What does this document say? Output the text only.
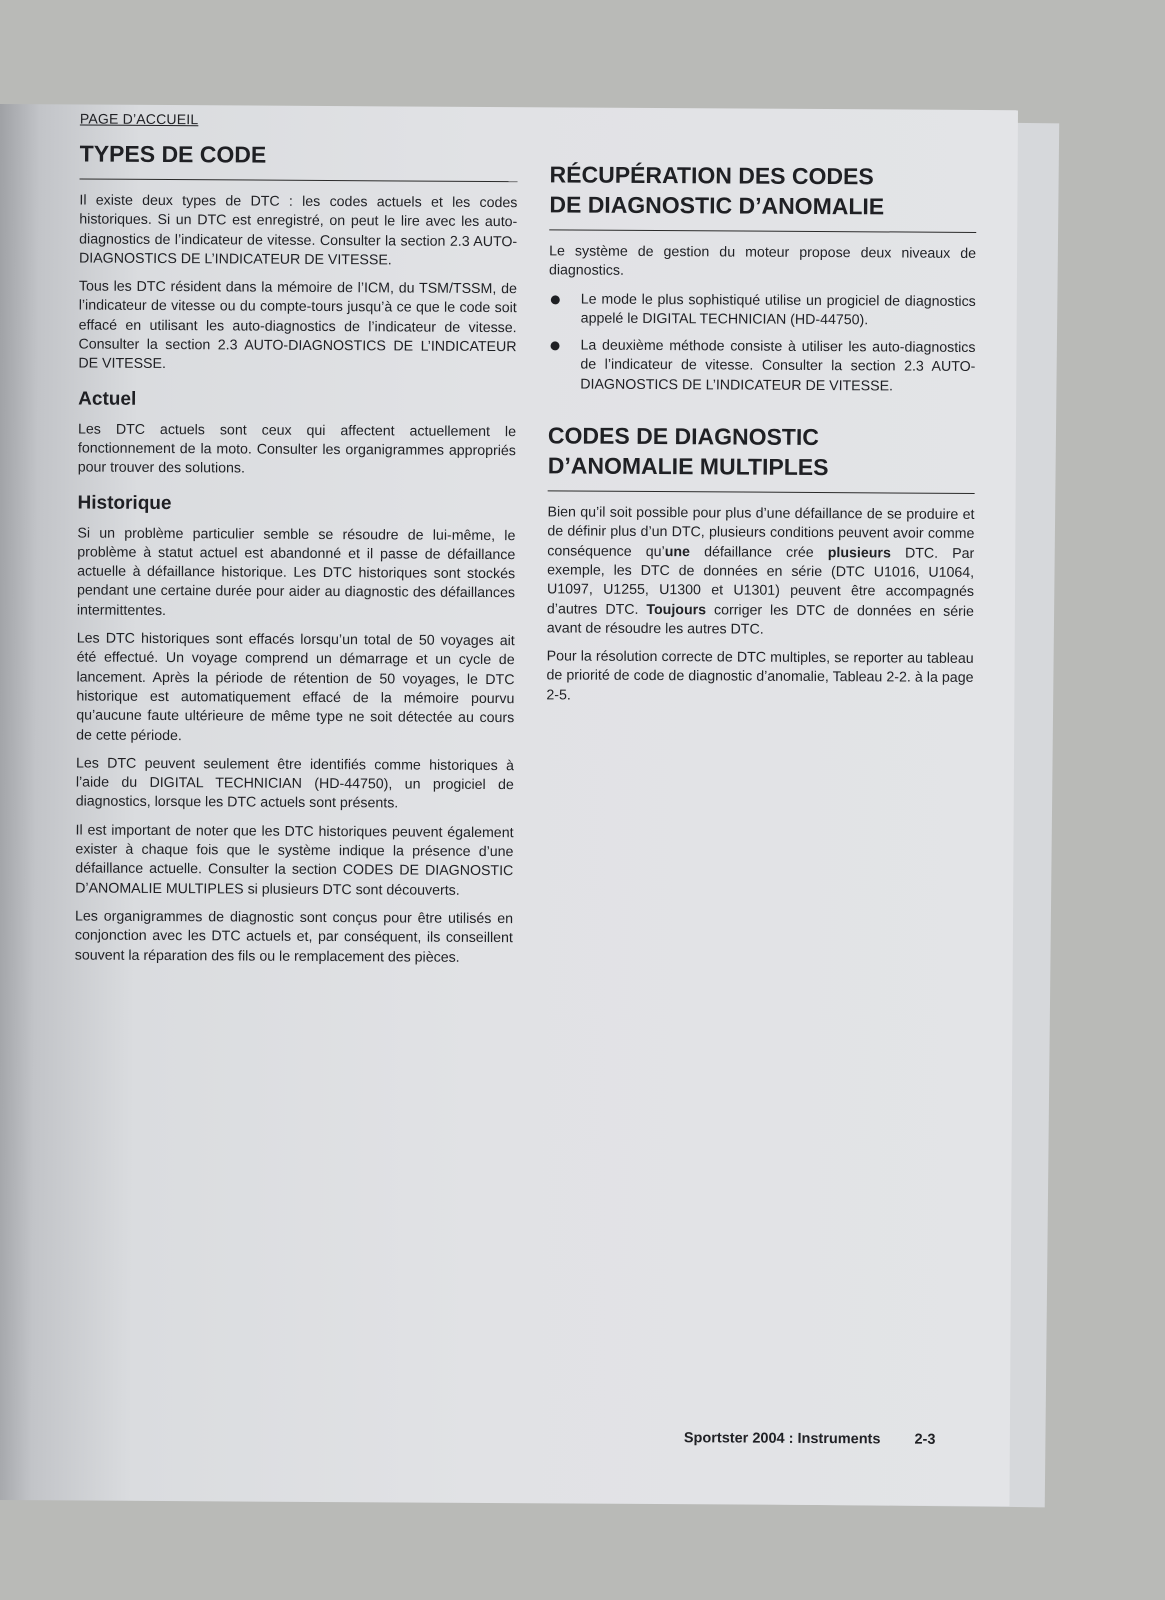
PAGE D’ACCUEIL
TYPES DE CODE

Il existe deux types de DTC : les codes actuels et les codes historiques. Si un DTC est enregistré, on peut le lire avec les auto-diagnostics de l’indicateur de vitesse. Consulter la section 2.3 AUTO-DIAGNOSTICS DE L’INDICATEUR DE VITESSE.

Tous les DTC résident dans la mémoire de l’ICM, du TSM/TSSM, de l’indicateur de vitesse ou du compte-tours jusqu’à ce que le code soit effacé en utilisant les auto-diagnostics de l’indicateur de vitesse. Consulter la section 2.3 AUTO-DIAGNOSTICS DE L’INDICATEUR DE VITESSE.

Actuel

Les DTC actuels sont ceux qui affectent actuellement le fonctionnement de la moto. Consulter les organigrammes appropriés pour trouver des solutions.

Historique

Si un problème particulier semble se résoudre de lui-même, le problème à statut actuel est abandonné et il passe de défaillance actuelle à défaillance historique. Les DTC historiques sont stockés pendant une certaine durée pour aider au diagnostic des défaillances intermittentes.

Les DTC historiques sont effacés lorsqu’un total de 50 voyages ait été effectué. Un voyage comprend un démarrage et un cycle de lancement. Après la période de rétention de 50 voyages, le DTC historique est automatiquement effacé de la mémoire pourvu qu’aucune faute ultérieure de même type ne soit détectée au cours de cette période.

Les DTC peuvent seulement être identifiés comme historiques à l’aide du DIGITAL TECHNICIAN (HD-44750), un progiciel de diagnostics, lorsque les DTC actuels sont présents.

Il est important de noter que les DTC historiques peuvent également exister à chaque fois que le système indique la présence d’une défaillance actuelle. Consulter la section CODES DE DIAGNOSTIC D’ANOMALIE MULTIPLES si plusieurs DTC sont découverts.

Les organigrammes de diagnostic sont conçus pour être utilisés en conjonction avec les DTC actuels et, par conséquent, ils conseillent souvent la réparation des fils ou le remplacement des pièces.

RÉCUPÉRATION DES CODES
DE DIAGNOSTIC D’ANOMALIE

Le système de gestion du moteur propose deux niveaux de diagnostics.

Le mode le plus sophistiqué utilise un progiciel de diagnostics appelé le DIGITAL TECHNICIAN (HD-44750).
La deuxième méthode consiste à utiliser les auto-diagnostics de l’indicateur de vitesse. Consulter la section 2.3 AUTO-DIAGNOSTICS DE L’INDICATEUR DE VITESSE.
CODES DE DIAGNOSTIC
D’ANOMALIE MULTIPLES

Bien qu’il soit possible pour plus d’une défaillance de se produire et de définir plus d’un DTC, plusieurs conditions peuvent avoir comme conséquence qu’une défaillance crée plusieurs DTC. Par exemple, les DTC de données en série (DTC U1016, U1064, U1097, U1255, U1300 et U1301) peuvent être accompagnés d’autres DTC. Toujours corriger les DTC de données en série avant de résoudre les autres DTC.

Pour la résolution correcte de DTC multiples, se reporter au tableau de priorité de code de diagnostic d’anomalie, Tableau 2-2. à la page 2-5.

Sportster 2004 : Instruments 2-3
